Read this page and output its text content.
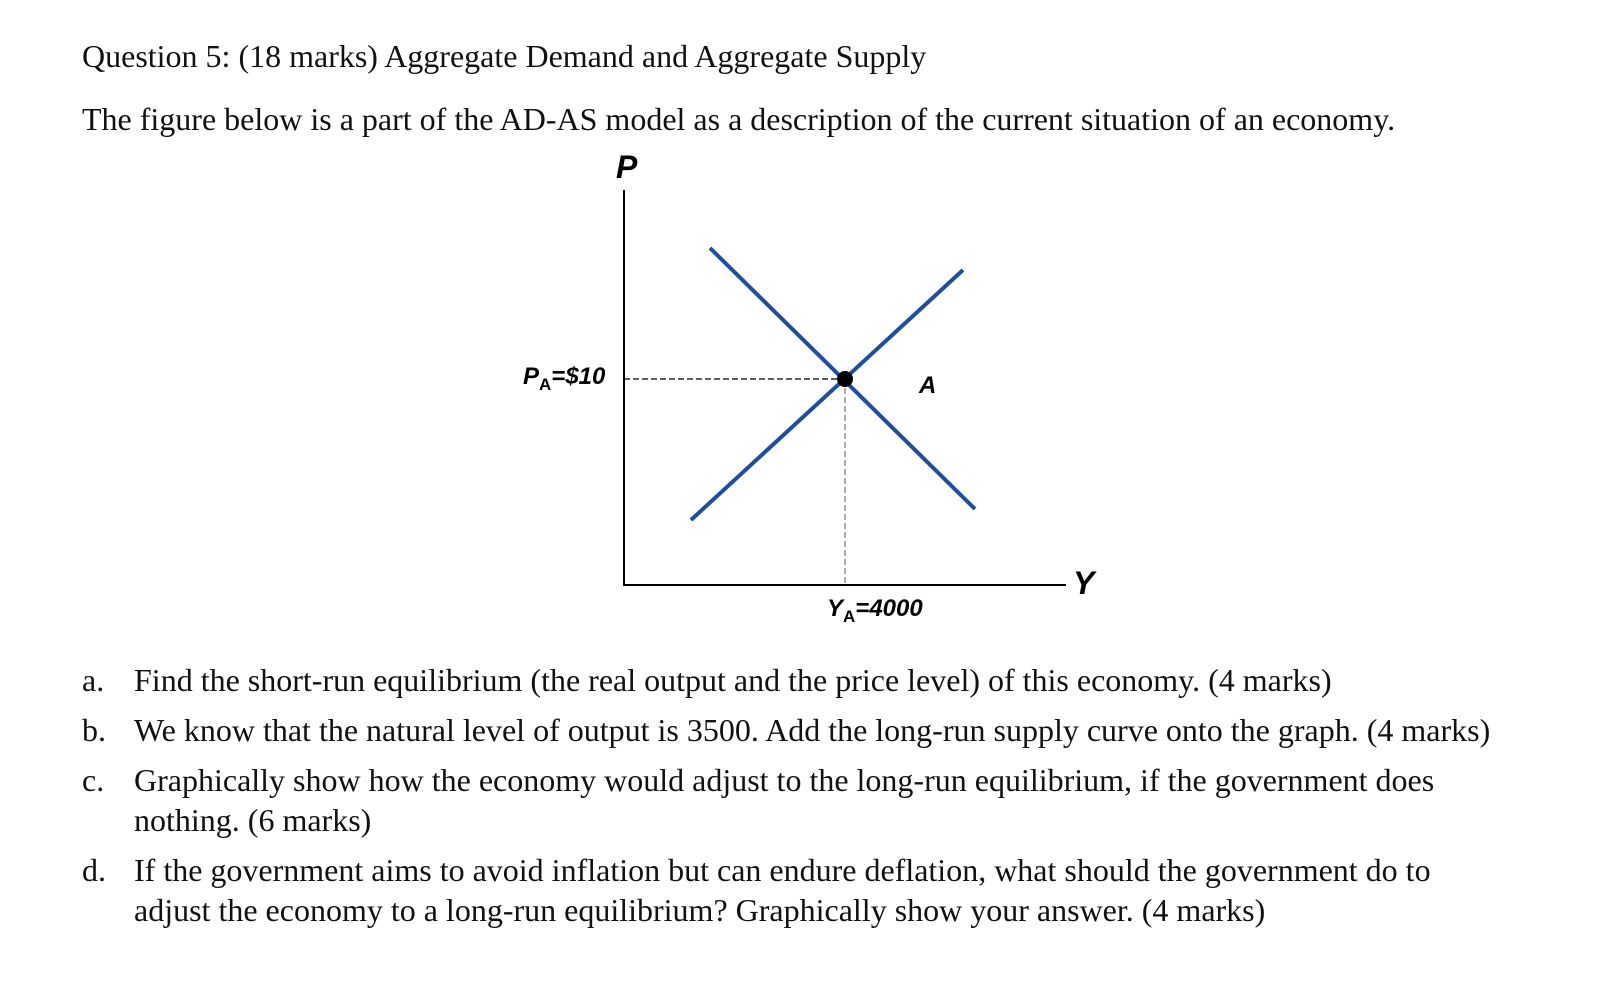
Question 5: (18 marks) Aggregate Demand and Aggregate Supply

The figure below is a part of the AD-AS model as a description of the current situation of an economy.

P
Y
$P_A=\$10$
$Y_A=4000$
A
a. Find the short-run equilibrium (the real output and the price level) of this economy. (4 marks)
b. We know that the natural level of output is 3500. Add the long-run supply curve onto the graph. (4 marks)
c. Graphically show how the economy would adjust to the long-run equilibrium, if the government does nothing. (6 marks)
d. If the government aims to avoid inflation but can endure deflation, what should the government do to adjust the economy to a long-run equilibrium? Graphically show your answer. (4 marks)
